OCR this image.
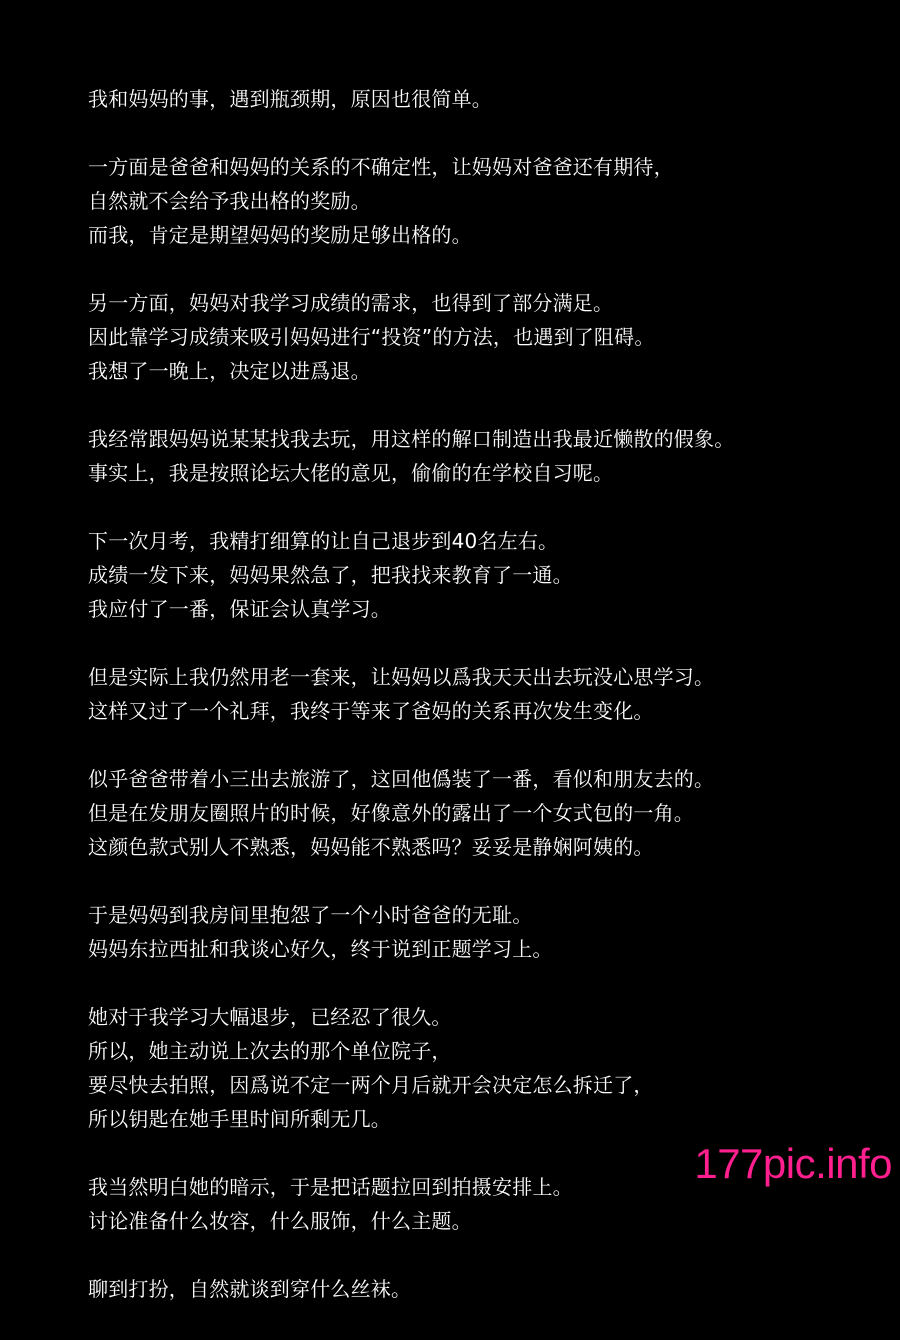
我和妈妈的事，遇到瓶颈期，原因也很简单。
一方面是爸爸和妈妈的关系的不确定性，让妈妈对爸爸还有期待，
自然就不会给予我出格的奖励。
而我，肯定是期望妈妈的奖励足够出格的。
另一方面，妈妈对我学习成绩的需求，也得到了部分满足。
因此靠学习成绩来吸引妈妈进行“投资”的方法，也遇到了阻碍。
我想了一晚上，决定以进爲退。
我经常跟妈妈说某某找我去玩，用这样的解口制造出我最近懒散的假象。
事实上，我是按照论坛大佬的意见，偷偷的在学校自习呢。
下一次月考，我精打细算的让自己退步到40名左右。
成绩一发下来，妈妈果然急了，把我找来教育了一通。
我应付了一番，保证会认真学习。
但是实际上我仍然用老一套来，让妈妈以爲我天天出去玩没心思学习。
这样又过了一个礼拜，我终于等来了爸妈的关系再次发生变化。
似乎爸爸带着小三出去旅游了，这回他僞装了一番，看似和朋友去的。
但是在发朋友圈照片的时候，好像意外的露出了一个女式包的一角。
这颜色款式别人不熟悉，妈妈能不熟悉吗？妥妥是静娴阿姨的。
于是妈妈到我房间里抱怨了一个小时爸爸的无耻。
妈妈东拉西扯和我谈心好久，终于说到正题学习上。
她对于我学习大幅退步，已经忍了很久。
所以，她主动说上次去的那个单位院子，
要尽快去拍照，因爲说不定一两个月后就开会决定怎么拆迁了，
所以钥匙在她手里时间所剩无几。
我当然明白她的暗示，于是把话题拉回到拍摄安排上。
讨论准备什么妆容，什么服饰，什么主题。
聊到打扮，自然就谈到穿什么丝袜。
177pic.info
